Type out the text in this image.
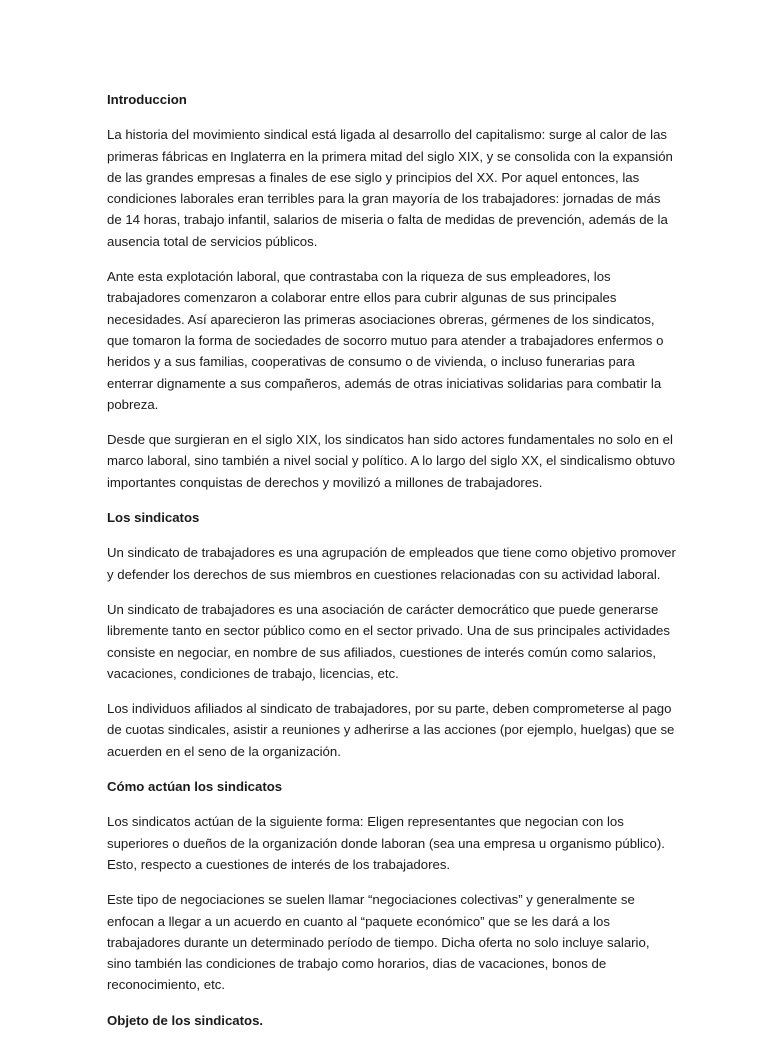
Introduccion

La historia del movimiento sindical está ligada al desarrollo del capitalismo: surge al calor de las primeras fábricas en Inglaterra en la primera mitad del siglo XIX, y se consolida con la expansión de las grandes empresas a finales de ese siglo y principios del XX. Por aquel entonces, las condiciones laborales eran terribles para la gran mayoría de los trabajadores: jornadas de más de 14 horas, trabajo infantil, salarios de miseria o falta de medidas de prevención, además de la ausencia total de servicios públicos.

Ante esta explotación laboral, que contrastaba con la riqueza de sus empleadores, los trabajadores comenzaron a colaborar entre ellos para cubrir algunas de sus principales necesidades. Así aparecieron las primeras asociaciones obreras, gérmenes de los sindicatos, que tomaron la forma de sociedades de socorro mutuo para atender a trabajadores enfermos o heridos y a sus familias, cooperativas de consumo o de vivienda, o incluso funerarias para enterrar dignamente a sus compañeros, además de otras iniciativas solidarias para combatir la pobreza.

Desde que surgieran en el siglo XIX, los sindicatos han sido actores fundamentales no solo en el marco laboral, sino también a nivel social y político. A lo largo del siglo XX, el sindicalismo obtuvo importantes conquistas de derechos y movilizó a millones de trabajadores.

Los sindicatos

Un sindicato de trabajadores es una agrupación de empleados que tiene como objetivo promover y defender los derechos de sus miembros en cuestiones relacionadas con su actividad laboral.

Un sindicato de trabajadores es una asociación de carácter democrático que puede generarse libremente tanto en sector público como en el sector privado. Una de sus principales actividades consiste en negociar, en nombre de sus afiliados, cuestiones de interés común como salarios, vacaciones, condiciones de trabajo, licencias, etc.

Los individuos afiliados al sindicato de trabajadores, por su parte, deben comprometerse al pago de cuotas sindicales, asistir a reuniones y adherirse a las acciones (por ejemplo, huelgas) que se acuerden en el seno de la organización.

Cómo actúan los sindicatos

Los sindicatos actúan de la siguiente forma: Eligen representantes que negocian con los superiores o dueños de la organización donde laboran (sea una empresa u organismo público). Esto, respecto a cuestiones de interés de los trabajadores.

Este tipo de negociaciones se suelen llamar “negociaciones colectivas” y generalmente se enfocan a llegar a un acuerdo en cuanto al “paquete económico” que se les dará a los trabajadores durante un determinado período de tiempo. Dicha oferta no solo incluye salario, sino también las condiciones de trabajo como horarios, dias de vacaciones, bonos de reconocimiento, etc.

Objeto de los sindicatos.
